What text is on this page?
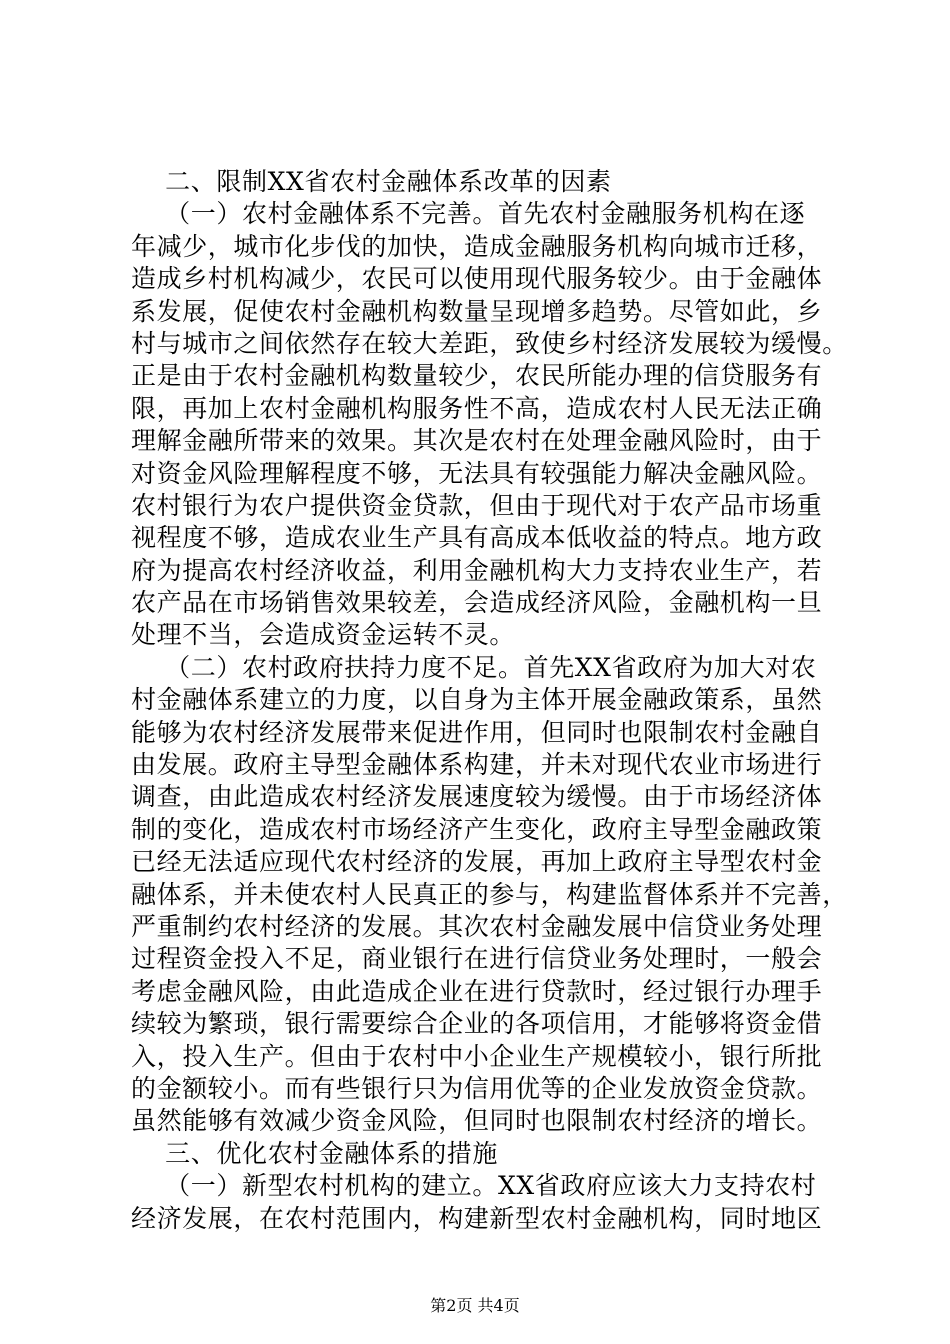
二、限制XX省农村金融体系改革的因素
（一）农村金融体系不完善。首先农村金融服务机构在逐
年减少，城市化步伐的加快，造成金融服务机构向城市迁移，
造成乡村机构减少，农民可以使用现代服务较少。由于金融体
系发展，促使农村金融机构数量呈现增多趋势。尽管如此，乡
村与城市之间依然存在较大差距，致使乡村经济发展较为缓慢。
正是由于农村金融机构数量较少，农民所能办理的信贷服务有
限，再加上农村金融机构服务性不高，造成农村人民无法正确
理解金融所带来的效果。其次是农村在处理金融风险时，由于
对资金风险理解程度不够，无法具有较强能力解决金融风险。
农村银行为农户提供资金贷款，但由于现代对于农产品市场重
视程度不够，造成农业生产具有高成本低收益的特点。地方政
府为提高农村经济收益，利用金融机构大力支持农业生产，若
农产品在市场销售效果较差，会造成经济风险，金融机构一旦
处理不当，会造成资金运转不灵。
（二）农村政府扶持力度不足。首先XX省政府为加大对农
村金融体系建立的力度，以自身为主体开展金融政策系，虽然
能够为农村经济发展带来促进作用，但同时也限制农村金融自
由发展。政府主导型金融体系构建，并未对现代农业市场进行
调查，由此造成农村经济发展速度较为缓慢。由于市场经济体
制的变化，造成农村市场经济产生变化，政府主导型金融政策
已经无法适应现代农村经济的发展，再加上政府主导型农村金
融体系，并未使农村人民真正的参与，构建监督体系并不完善，
严重制约农村经济的发展。其次农村金融发展中信贷业务处理
过程资金投入不足，商业银行在进行信贷业务处理时，一般会
考虑金融风险，由此造成企业在进行贷款时，经过银行办理手
续较为繁琐，银行需要综合企业的各项信用，才能够将资金借
入，投入生产。但由于农村中小企业生产规模较小，银行所批
的金额较小。而有些银行只为信用优等的企业发放资金贷款。
虽然能够有效减少资金风险，但同时也限制农村经济的增长。
三、优化农村金融体系的措施
（一）新型农村机构的建立。XX省政府应该大力支持农村
经济发展，在农村范围内，构建新型农村金融机构，同时地区
第2页 共4页
